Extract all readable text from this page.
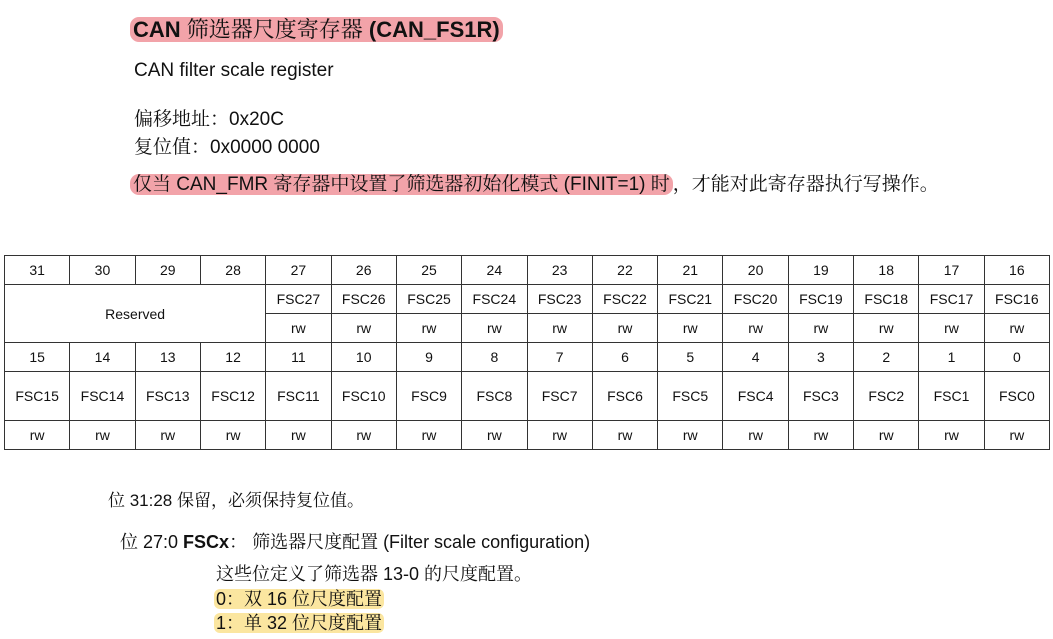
CAN 筛选器尺度寄存器 (CAN_FS1R)
CAN filter scale register
偏移地址：0x20C
复位值：0x0000 0000
仅当 CAN_FMR 寄存器中设置了筛选器初始化模式 (FINIT=1) 时 ，才能对此寄存器执行写操作。
31	30	29	28	27	26	25	24	23	22	21	20	19	18	17	16
Reserved				FSC27	FSC26	FSC25	FSC24	FSC23	FSC22	FSC21	FSC20	FSC19	FSC18	FSC17	FSC16
				rw	rw	rw	rw	rw	rw	rw	rw	rw	rw	rw	rw
15	14	13	12	11	10	9	8	7	6	5	4	3	2	1	0
FSC15	FSC14	FSC13	FSC12	FSC11	FSC10	FSC9	FSC8	FSC7	FSC6	FSC5	FSC4	FSC3	FSC2	FSC1	FSC0
rw	rw	rw	rw	rw	rw	rw	rw	rw	rw	rw	rw	rw	rw	rw	rw
位 31:28 保留，必须保持复位值。
位 27:0 FSCx： 筛选器尺度配置 (Filter scale configuration)
这些位定义了筛选器 13-0 的尺度配置。
0：双 16 位尺度配置
1：单 32 位尺度配置
